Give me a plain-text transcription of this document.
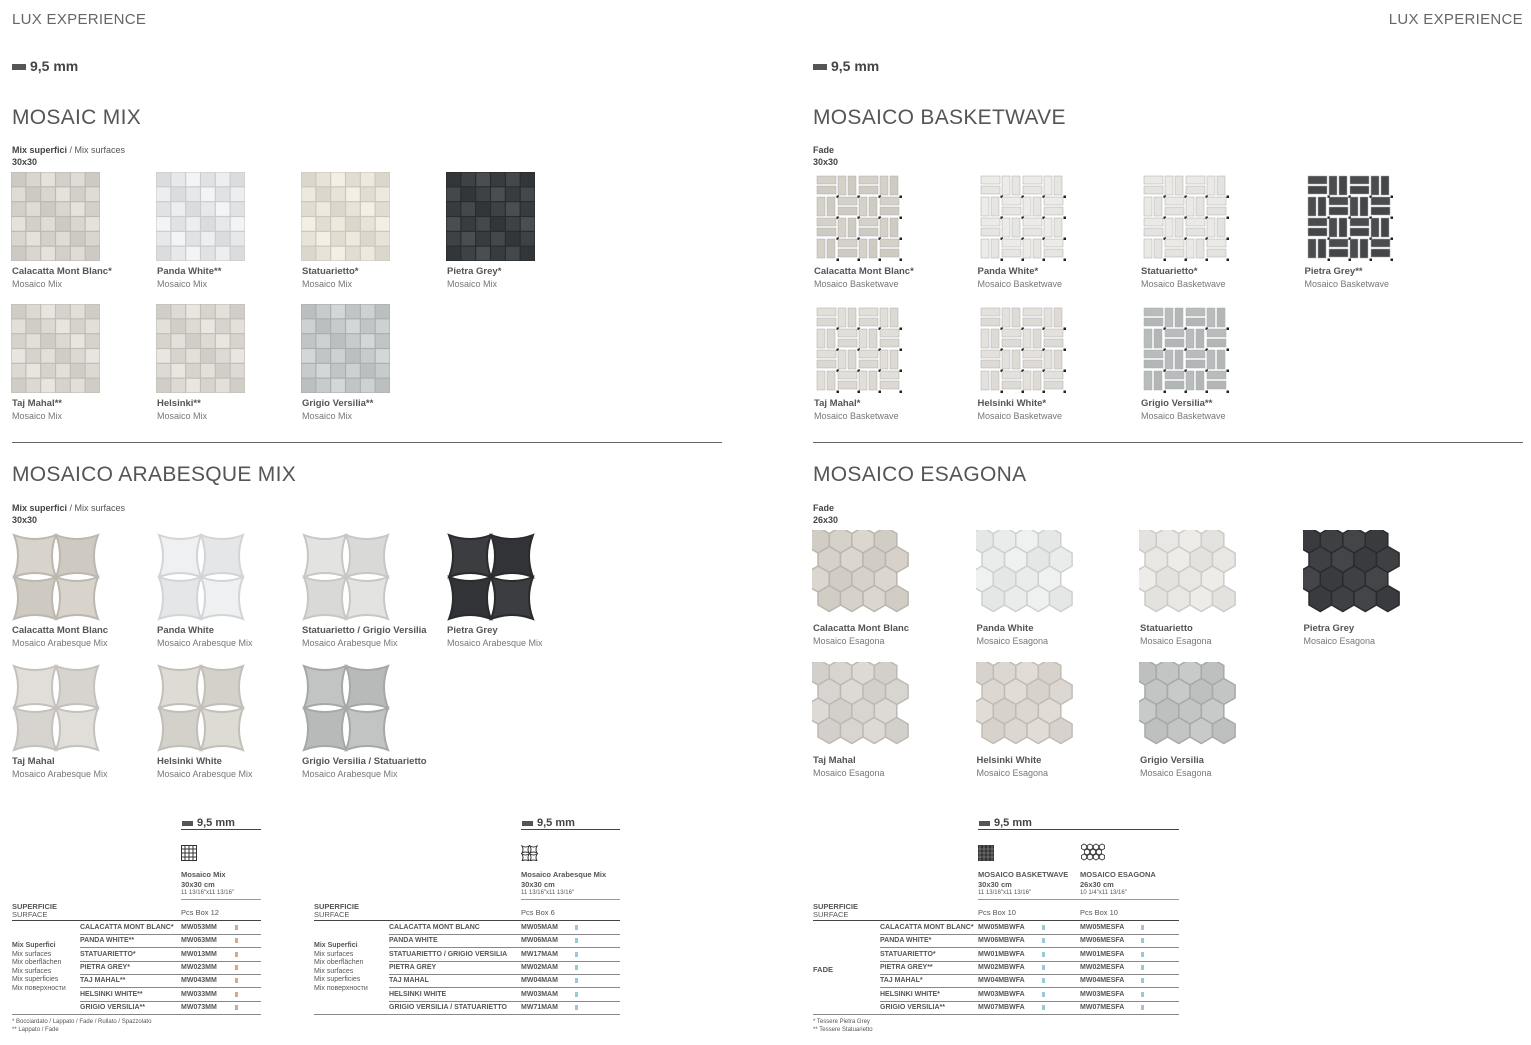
LUX EXPERIENCE	LUX EXPERIENCE
9,5 mm	9,5 mm
MOSAIC MIX
Mix superfici / Mix surfaces
30x30
MOSAICO BASKETWAVE
Fade
30x30
MOSAICO ARABESQUE MIX
Mix superfici / Mix surfaces
30x30
MOSAICO ESAGONA
Fade
26x30
Calacatta Mont Blanc*
Mosaico Mix
Panda White**
Mosaico Mix
Statuarietto*
Mosaico Mix
Pietra Grey*
Mosaico Mix
Taj Mahal**
Mosaico Mix
Helsinki**
Mosaico Mix
Grigio Versilia**
Mosaico Mix
Calacatta Mont Blanc*
Mosaico Basketwave
Panda White*
Mosaico Basketwave
Statuarietto*
Mosaico Basketwave
Pietra Grey**
Mosaico Basketwave
Taj Mahal*
Mosaico Basketwave
Helsinki White*
Mosaico Basketwave
Grigio Versilia**
Mosaico Basketwave
Calacatta Mont Blanc
Mosaico Arabesque Mix
Panda White
Mosaico Arabesque Mix
Statuarietto / Grigio Versilia
Mosaico Arabesque Mix
Pietra Grey
Mosaico Arabesque Mix
Taj Mahal
Mosaico Arabesque Mix
Helsinki White
Mosaico Arabesque Mix
Grigio Versilia / Statuarietto
Mosaico Arabesque Mix
Calacatta Mont Blanc
Mosaico Esagona
Panda White
Mosaico Esagona
Statuarietto
Mosaico Esagona
Pietra Grey
Mosaico Esagona
Taj Mahal
Mosaico Esagona
Helsinki White
Mosaico Esagona
Grigio Versilia
Mosaico Esagona
9,5 mm
Mosaico Mix
30x30 cm
11 13/16"x11 13/16"
SUPERFICIE
SURFACE	Pcs Box 12
Mix Superfici
Mix surfaces
Mix oberflächen
Mix surfaces
Mix superficies
Mix поверхности
CALACATTA MONT BLANC* MW053MM
PANDA WHITE**	MW063MM
STATUARIETTO*	MW013MM
PIETRA GREY*	MW023MM
TAJ MAHAL**	MW043MM
HELSINKI WHITE**	MW033MM
GRIGIO VERSILIA**	MW073MM
* Bocciardato / Lappato / Fade / Rullato / Spazzolato
** Lappato / Fade
9,5 mm
Mosaico Arabesque Mix
30x30 cm
11 13/16"x11 13/16"
SUPERFICIE
SURFACE	Pcs Box 6
Mix Superfici
Mix surfaces
Mix oberflächen
Mix surfaces
Mix superficies
Mix поверхности
CALACATTA MONT BLANC	MW05MAM
PANDA WHITE	MW06MAM
STATUARIETTO / GRIGIO VERSILIA MW17MAM
PIETRA GREY	MW02MAM
TAJ MAHAL	MW04MAM
HELSINKI WHITE	MW03MAM
GRIGIO VERSILIA / STATUARIETTO MW71MAM
9,5 mm
MOSAICO BASKETWAVE
30x30 cm
11 13/16"x11 13/16"
MOSAICO ESAGONA
26x30 cm
10 1/4"x11 13/16"
SUPERFICIE
SURFACE	Pcs Box 10	Pcs Box 10
FADE
CALACATTA MONT BLANC* MW05MBWFA	MW05MESFA
PANDA WHITE*	MW06MBWFA	MW06MESFA
STATUARIETTO*	MW01MBWFA	MW01MESFA
PIETRA GREY**	MW02MBWFA	MW02MESFA
TAJ MAHAL*	MW04MBWFA	MW04MESFA
HELSINKI WHITE*	MW03MBWFA	MW03MESFA
GRIGIO VERSILIA**	MW07MBWFA	MW07MESFA
* Tessere Pietra Grey
** Tessere Statuarietto
